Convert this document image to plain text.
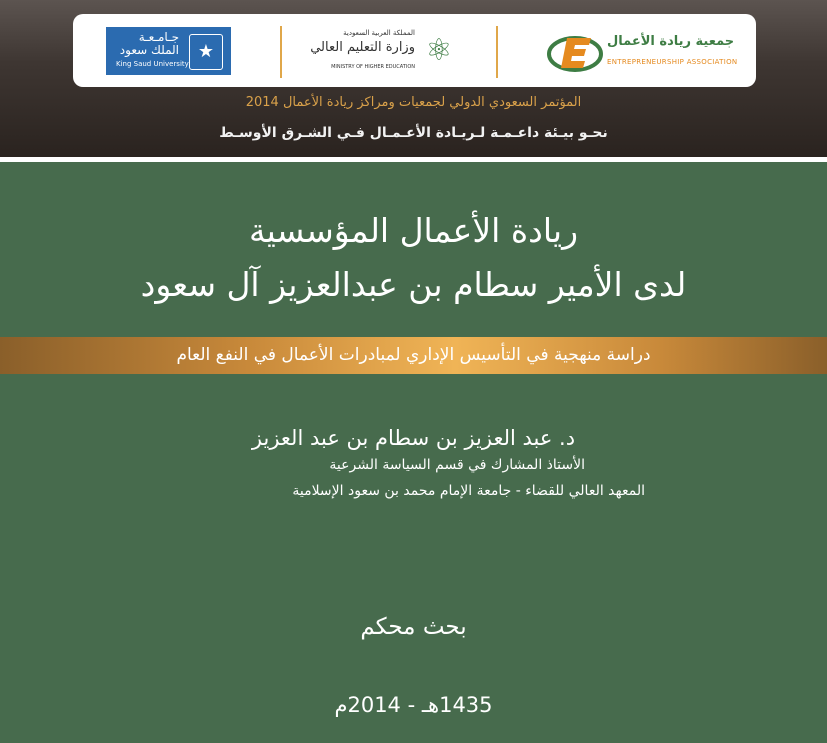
جـامـعـة
الملك سعود
King Saud University
★
المملكة العربية السعودية
وزارة التعليم العالي
MINISTRY OF HIGHER EDUCATION ⚛	جمعية ريادة الأعمال
ENTREPRENEURSHIP ASSOCIATION
المؤتمر السعودي الدولي لجمعيات ومراكز ريادة الأعمال 2014
نحـو بيـئة داعـمـة لـريـادة الأعـمـال فـي الشـرق الأوسـط
ريادة الأعمال المؤسسية
لدى الأمير سطام بن عبدالعزيز آل سعود
دراسة منهجية في التأسيس الإداري لمبادرات الأعمال في النفع العام
د. عبد العزيز بن سطام بن عبد العزيز
الأستاذ المشارك في قسم السياسة الشرعية
المعهد العالي للقضاء - جامعة الإمام محمد بن سعود الإسلامية
بحث محكم
1435هـ - 2014م
